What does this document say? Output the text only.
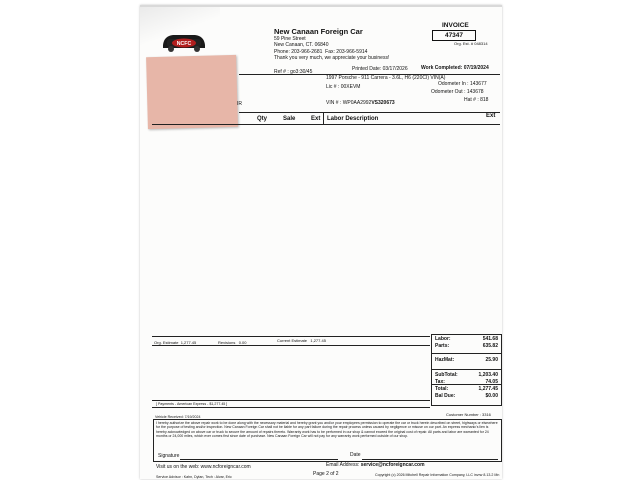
NCFC
New Canaan Foreign Car
59 Pine Street
New Canaan, CT. 06840
Phone: 203-966-2681 Fax: 203-966-5914
Thank you very much, we appreciate your business!
INVOICE
47347
Org. Est. # 048314
Ref # : go3:30/45	Printed Date: 03/17/2026	Work Completed: 07/19/2024
1997 Porsche - 911 Carrera - 3.6L, H6 (220CI) VIN(A)
Lic # : 00XEVM	Odometer In : 143677
Odometer Out : 143678
Hat # : 818
VIN # : WP0AA2992VS320673
IR
Qty	Sale	Ext Labor Description	Ext
Org. Estimate 1,277.45	Revisions 0.00	Current Estimate 1,277.45
[ Payments - American Express - $1,277.45 ]
Labor:	541.68
Parts:	635.82
HazMat:	25.90
SubTotal:	1,203.40
Tax:	74.05
Total:	1,277.45
Bal Due:	$0.00
Customer Number : 3316
Vehicle Received: 7/19/2024
I hereby authorize the above repair work to be done along with the necessary material and hereby grant you and/or your employees permission to operate the car or truck herein described on street, highways or elsewhere for the purpose of testing and/or inspection. New Canaan Foreign Car shall not be liable for any part failure during the repair process unless caused by negligence or misuse on our part. An express mechanic's lien is hereby acknowledged on above car or truck to secure the amount of repairs thereto. Warranty work has to be performed in our shop & cannot exceed the original cost of repair. All parts and labor are warranted for 24 months or 24,000 miles, which ever comes first since date of purchase. New Canaan Foreign Car will not pay for any warranty work performed outside of our shop.
Signature	Date
Visit us on the web: www.ncforeigncar.com	Email Address: service@ncforeigncar.com
Service Advisor : Kahn, Dylan, Tech : Alvar, Eric	Page 2 of 2	Copyright (c) 2026 Mitchell Repair Information Company, LLC invrw 8.13.2 Mn
